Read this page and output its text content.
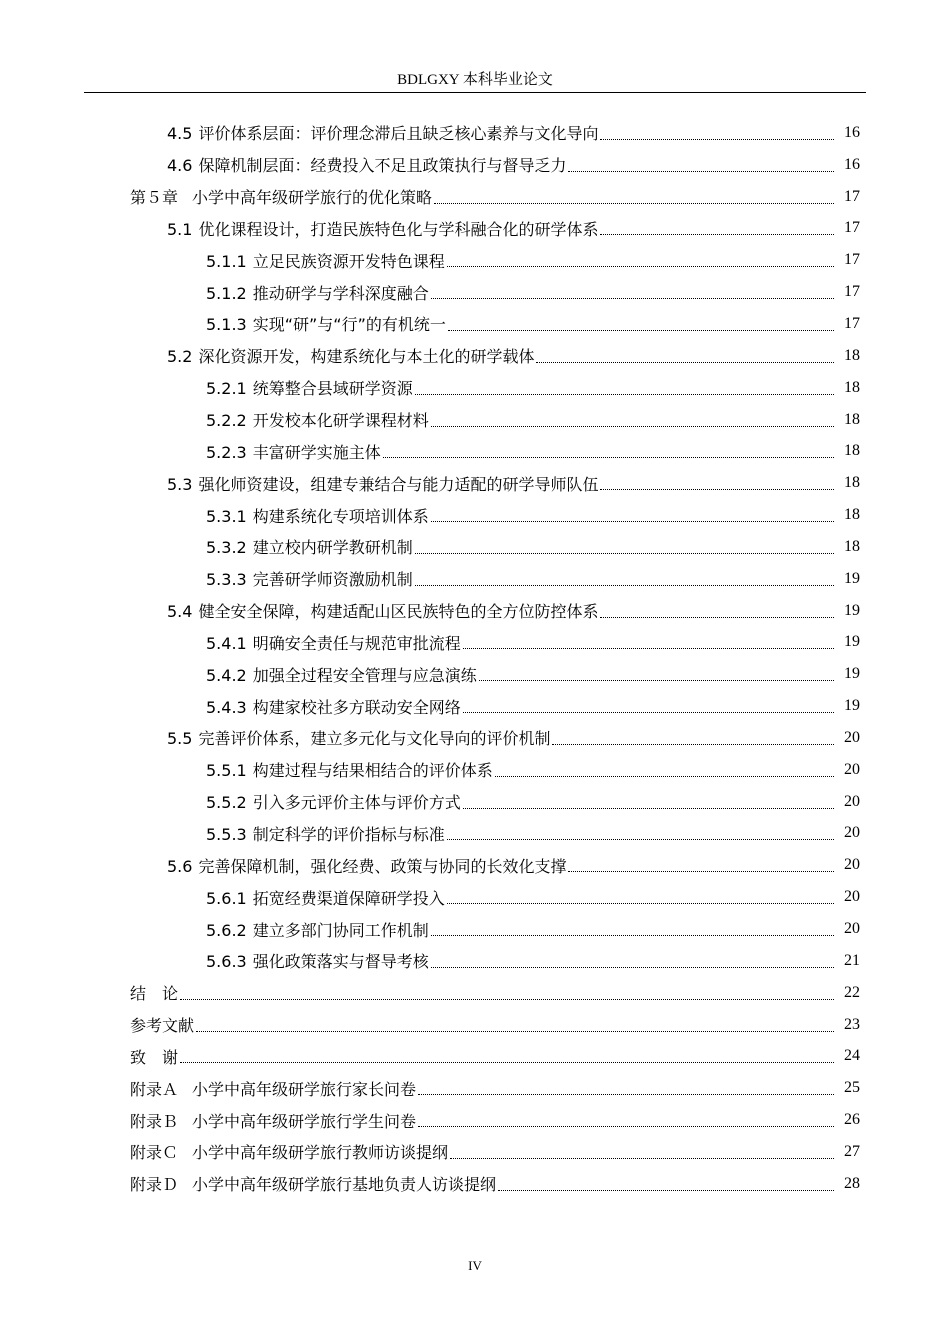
BDLGXY 本科毕业论文
4.5 评价体系层面：评价理念滞后且缺乏核心素养与文化导向	16
4.6 保障机制层面：经费投入不足且政策执行与督导乏力	16
第５章 小学中高年级研学旅行的优化策略	17
5.1 优化课程设计，打造民族特色化与学科融合化的研学体系	17
5.1.1 立足民族资源开发特色课程	17
5.1.2 推动研学与学科深度融合	17
5.1.3 实现“研”与“行”的有机统一	17
5.2 深化资源开发，构建系统化与本土化的研学载体	18
5.2.1 统筹整合县域研学资源	18
5.2.2 开发校本化研学课程材料	18
5.2.3 丰富研学实施主体	18
5.3 强化师资建设，组建专兼结合与能力适配的研学导师队伍	18
5.3.1 构建系统化专项培训体系	18
5.3.2 建立校内研学教研机制	18
5.3.3 完善研学师资激励机制	19
5.4 健全安全保障，构建适配山区民族特色的全方位防控体系	19
5.4.1 明确安全责任与规范审批流程	19
5.4.2 加强全过程安全管理与应急演练	19
5.4.3 构建家校社多方联动安全网络	19
5.5 完善评价体系，建立多元化与文化导向的评价机制	20
5.5.1 构建过程与结果相结合的评价体系	20
5.5.2 引入多元评价主体与评价方式	20
5.5.3 制定科学的评价指标与标准	20
5.6 完善保障机制，强化经费、政策与协同的长效化支撑	20
5.6.1 拓宽经费渠道保障研学投入	20
5.6.2 建立多部门协同工作机制	20
5.6.3 强化政策落实与督导考核	21
结　论	22
参考文献	23
致　谢	24
附录Ａ 小学中高年级研学旅行家长问卷	25
附录Ｂ 小学中高年级研学旅行学生问卷	26
附录Ｃ 小学中高年级研学旅行教师访谈提纲	27
附录Ｄ 小学中高年级研学旅行基地负责人访谈提纲	28
IV
